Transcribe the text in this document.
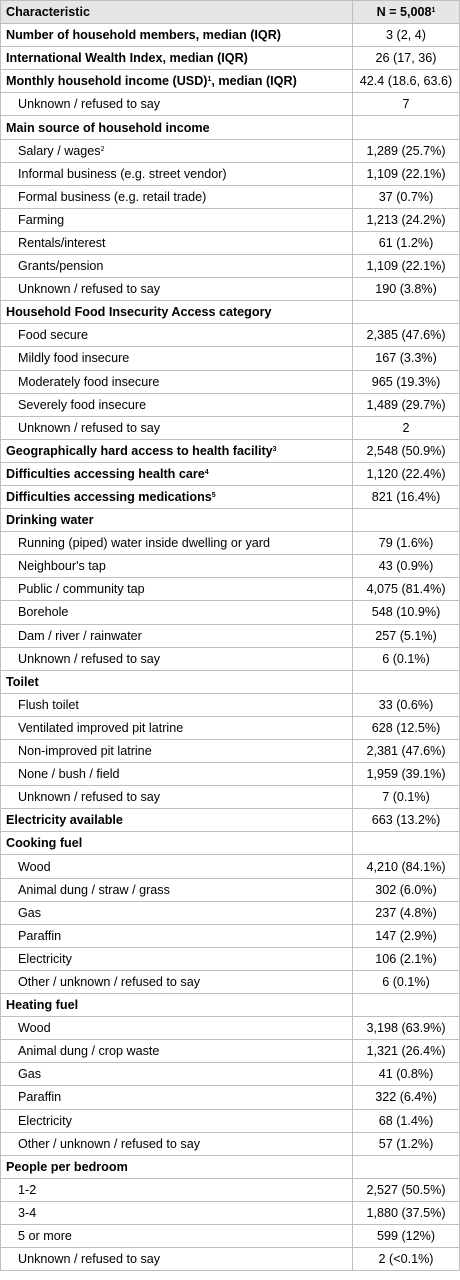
Characteristic	$N = 5,008^1$
Number of household members, median (IQR)	3 (2, 4)
International Wealth Index, median (IQR)	26 (17, 36)
Monthly household income (USD)$^1$, median (IQR)	42.4 (18.6, 63.6)
Unknown / refused to say	7
Main source of household income	
Salary / wages$^2$	1,289 (25.7%)
Informal business (e.g. street vendor)	1,109 (22.1%)
Formal business (e.g. retail trade)	37 (0.7%)
Farming	1,213 (24.2%)
Rentals/interest	61 (1.2%)
Grants/pension	1,109 (22.1%)
Unknown / refused to say	190 (3.8%)
Household Food Insecurity Access category	
Food secure	2,385 (47.6%)
Mildly food insecure	167 (3.3%)
Moderately food insecure	965 (19.3%)
Severely food insecure	1,489 (29.7%)
Unknown / refused to say	2
Geographically hard access to health facility$^3$	2,548 (50.9%)
Difficulties accessing health care$^4$	1,120 (22.4%)
Difficulties accessing medications$^5$	821 (16.4%)
Drinking water	
Running (piped) water inside dwelling or yard	79 (1.6%)
Neighbour's tap	43 (0.9%)
Public / community tap	4,075 (81.4%)
Borehole	548 (10.9%)
Dam / river / rainwater	257 (5.1%)
Unknown / refused to say	6 (0.1%)
Toilet	
Flush toilet	33 (0.6%)
Ventilated improved pit latrine	628 (12.5%)
Non-improved pit latrine	2,381 (47.6%)
None / bush / field	1,959 (39.1%)
Unknown / refused to say	7 (0.1%)
Electricity available	663 (13.2%)
Cooking fuel	
Wood	4,210 (84.1%)
Animal dung / straw / grass	302 (6.0%)
Gas	237 (4.8%)
Paraffin	147 (2.9%)
Electricity	106 (2.1%)
Other / unknown / refused to say	6 (0.1%)
Heating fuel	
Wood	3,198 (63.9%)
Animal dung / crop waste	1,321 (26.4%)
Gas	41 (0.8%)
Paraffin	322 (6.4%)
Electricity	68 (1.4%)
Other / unknown / refused to say	57 (1.2%)
People per bedroom	
1-2	2,527 (50.5%)
3-4	1,880 (37.5%)
5 or more	599 (12%)
Unknown / refused to say	2 (<0.1%)
